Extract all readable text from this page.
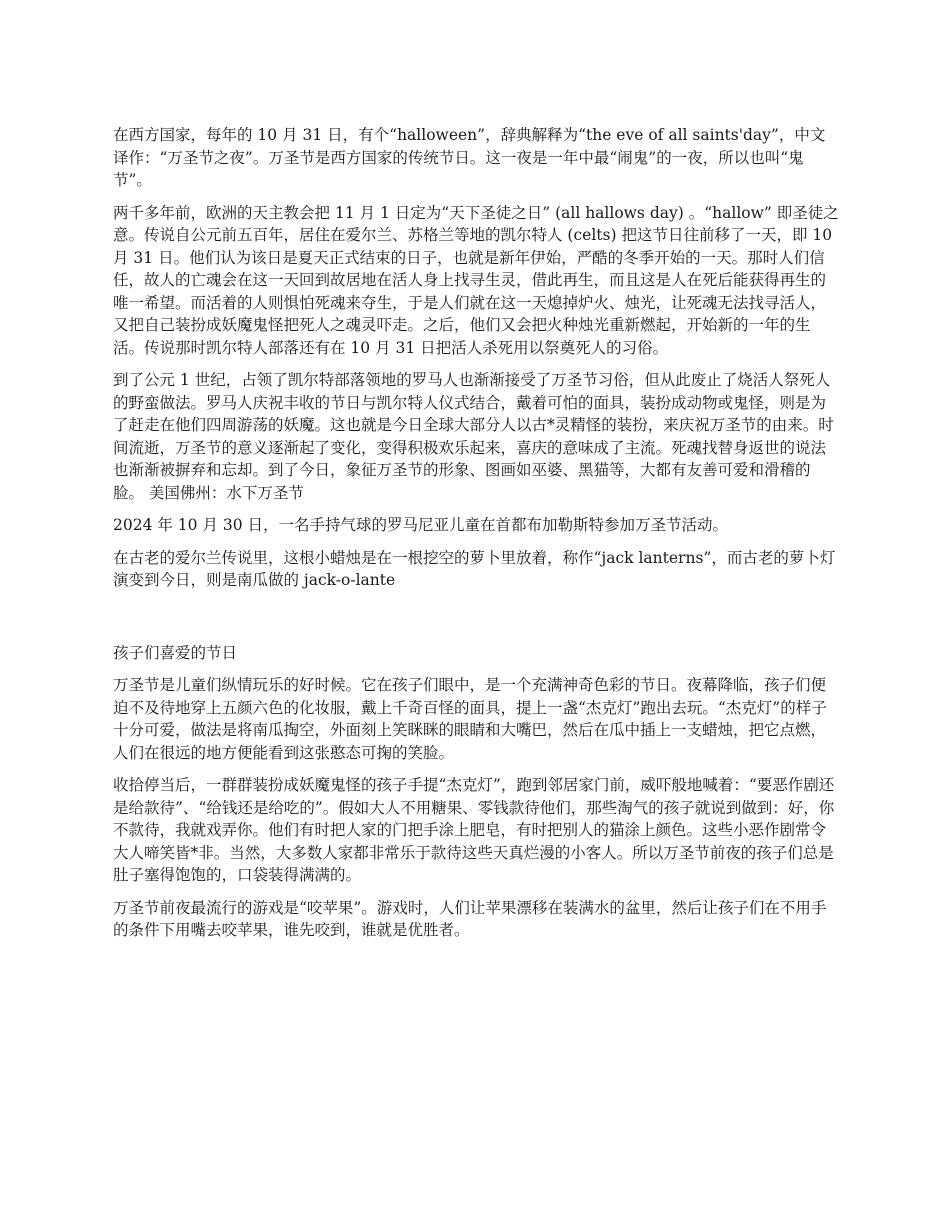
在西方国家，每年的 10 月 31 日，有个“halloween”，辞典解释为“the eve of all saints'day”，中文译作：“万圣节之夜”。万圣节是西方国家的传统节日。这一夜是一年中最“闹鬼”的一夜，所以也叫“鬼节”。

两千多年前，欧洲的天主教会把 11 月 1 日定为“天下圣徒之日” (all hallows day) 。“hallow” 即圣徒之意。传说自公元前五百年，居住在爱尔兰、苏格兰等地的凯尔特人 (celts) 把这节日往前移了一天，即 10 月 31 日。他们认为该日是夏天正式结束的日子，也就是新年伊始，严酷的冬季开始的一天。那时人们信任，故人的亡魂会在这一天回到故居地在活人身上找寻生灵，借此再生，而且这是人在死后能获得再生的唯一希望。而活着的人则惧怕死魂来夺生，于是人们就在这一天熄掉炉火、烛光，让死魂无法找寻活人，又把自己装扮成妖魔鬼怪把死人之魂灵吓走。之后，他们又会把火种烛光重新燃起，开始新的一年的生活。传说那时凯尔特人部落还有在 10 月 31 日把活人杀死用以祭奠死人的习俗。

到了公元 1 世纪，占领了凯尔特部落领地的罗马人也渐渐接受了万圣节习俗，但从此废止了烧活人祭死人的野蛮做法。罗马人庆祝丰收的节日与凯尔特人仪式结合，戴着可怕的面具，装扮成动物或鬼怪，则是为了赶走在他们四周游荡的妖魔。这也就是今日全球大部分人以古*灵精怪的装扮，来庆祝万圣节的由来。时间流逝，万圣节的意义逐渐起了变化，变得积极欢乐起来，喜庆的意味成了主流。死魂找替身返世的说法也渐渐被摒弃和忘却。到了今日，象征万圣节的形象、图画如巫婆、黑猫等，大都有友善可爱和滑稽的脸。 美国佛州：水下万圣节

2024 年 10 月 30 日，一名手持气球的罗马尼亚儿童在首都布加勒斯特参加万圣节活动。

在古老的爱尔兰传说里，这根小蜡烛是在一根挖空的萝卜里放着，称作“jack lanterns”，而古老的萝卜灯演变到今日，则是南瓜做的 jack-o-lante

孩子们喜爱的节日

万圣节是儿童们纵情玩乐的好时候。它在孩子们眼中，是一个充满神奇色彩的节日。夜幕降临，孩子们便迫不及待地穿上五颜六色的化妆服，戴上千奇百怪的面具，提上一盏“杰克灯”跑出去玩。“杰克灯”的样子十分可爱，做法是将南瓜掏空，外面刻上笑眯眯的眼睛和大嘴巴，然后在瓜中插上一支蜡烛，把它点燃，人们在很远的地方便能看到这张憨态可掬的笑脸。

收拾停当后，一群群装扮成妖魔鬼怪的孩子手提“杰克灯”，跑到邻居家门前，威吓般地喊着：“要恶作剧还是给款待”、“给钱还是给吃的”。假如大人不用糖果、零钱款待他们，那些淘气的孩子就说到做到：好，你不款待，我就戏弄你。他们有时把人家的门把手涂上肥皂，有时把别人的猫涂上颜色。这些小恶作剧常令大人啼笑皆*非。当然，大多数人家都非常乐于款待这些天真烂漫的小客人。所以万圣节前夜的孩子们总是肚子塞得饱饱的，口袋装得满满的。

万圣节前夜最流行的游戏是“咬苹果”。游戏时，人们让苹果漂移在装满水的盆里，然后让孩子们在不用手的条件下用嘴去咬苹果，谁先咬到，谁就是优胜者。
